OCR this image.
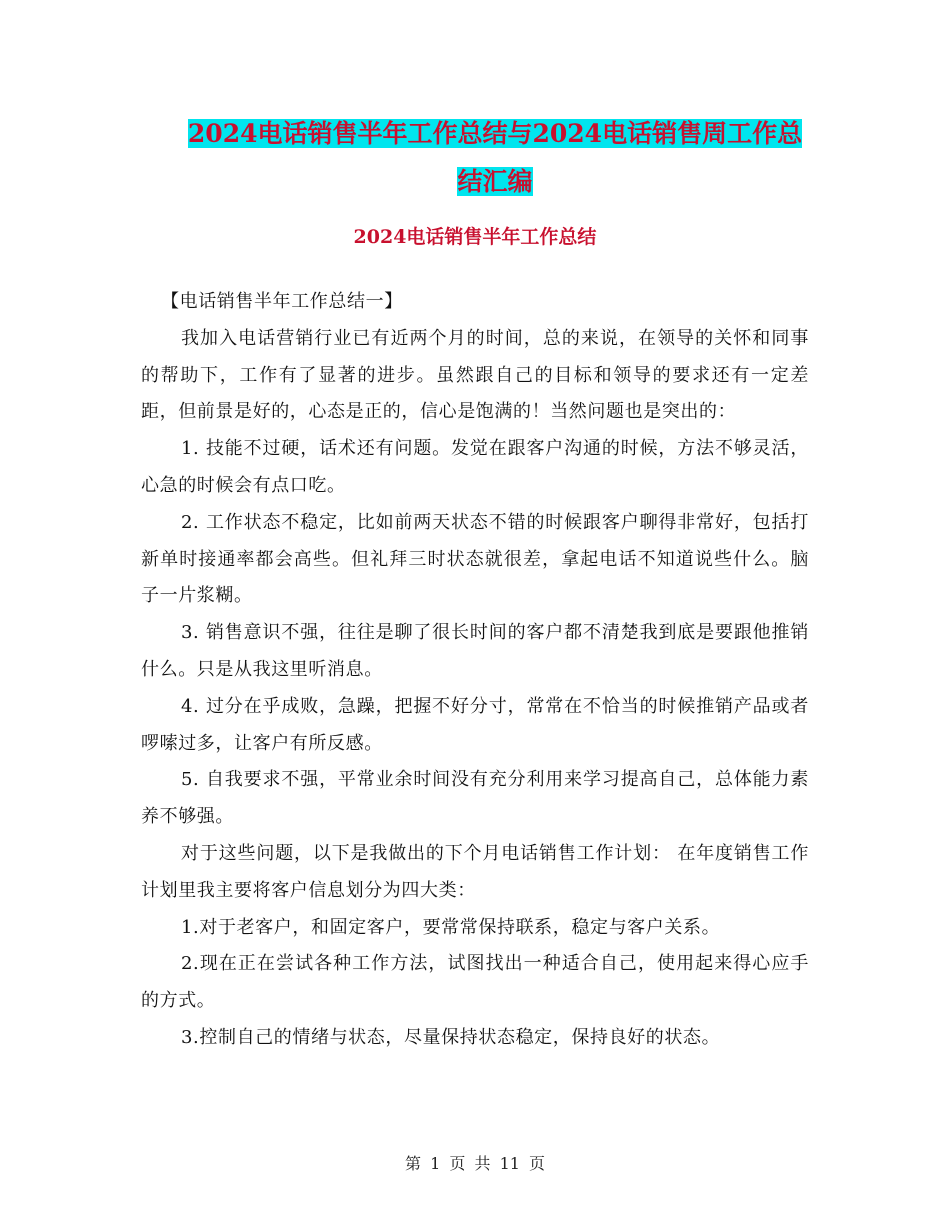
2024电话销售半年工作总结与2024电话销售周工作总
结汇编
2024电话销售半年工作总结

【电话销售半年工作总结一】

我加入电话营销行业已有近两个月的时间，总的来说，在领导的关怀和同事的帮助下，工作有了显著的进步。虽然跟自己的目标和领导的要求还有一定差距，但前景是好的，心态是正的，信心是饱满的！当然问题也是突出的：

1. 技能不过硬，话术还有问题。发觉在跟客户沟通的时候，方法不够灵活，心急的时候会有点口吃。

2. 工作状态不稳定，比如前两天状态不错的时候跟客户聊得非常好，包括打新单时接通率都会高些。但礼拜三时状态就很差，拿起电话不知道说些什么。脑子一片浆糊。

3. 销售意识不强，往往是聊了很长时间的客户都不清楚我到底是要跟他推销什么。只是从我这里听消息。

4. 过分在乎成败，急躁，把握不好分寸，常常在不恰当的时候推销产品或者啰嗦过多，让客户有所反感。

5. 自我要求不强，平常业余时间没有充分利用来学习提高自己，总体能力素养不够强。

对于这些问题，以下是我做出的下个月电话销售工作计划： 在年度销售工作计划里我主要将客户信息划分为四大类：

1.对于老客户，和固定客户，要常常保持联系，稳定与客户关系。

2.现在正在尝试各种工作方法，试图找出一种适合自己，使用起来得心应手的方式。

3.控制自己的情绪与状态，尽量保持状态稳定，保持良好的状态。

第 1 页 共 11 页
